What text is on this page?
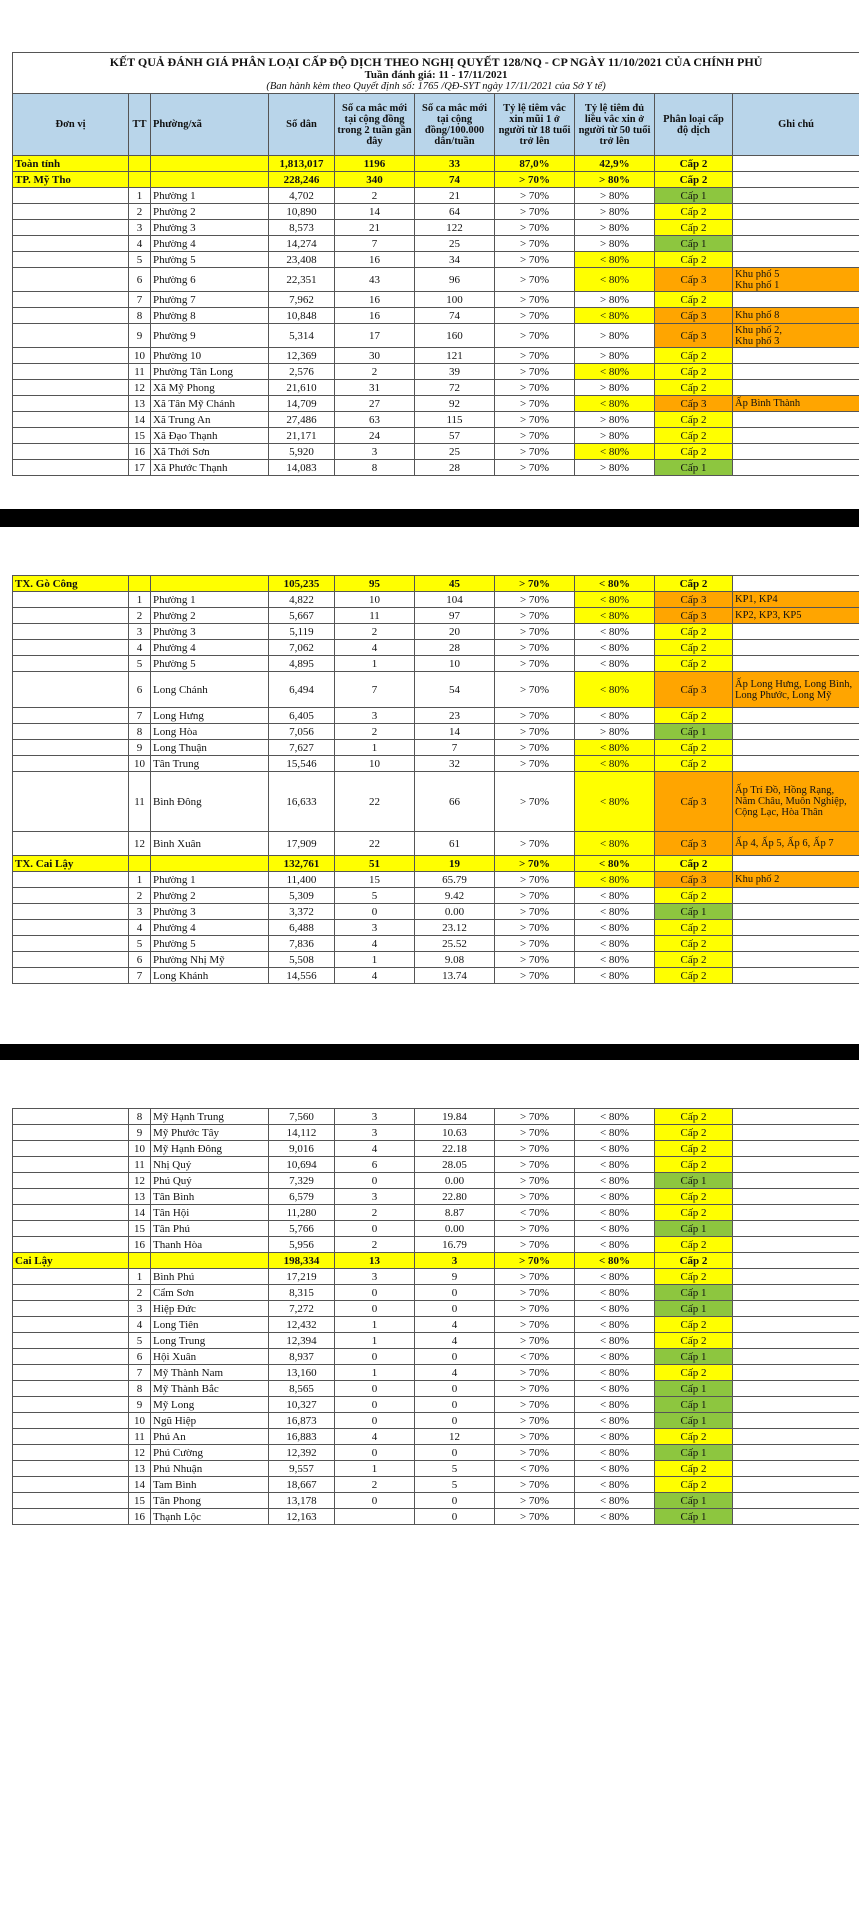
KẾT QUẢ ĐÁNH GIÁ PHÂN LOẠI CẤP ĐỘ DỊCH THEO NGHỊ QUYẾT 128/NQ - CP NGÀY 11/10/2021 CỦA CHÍNH PHỦ
Tuần đánh giá: 11 - 17/11/2021
(Ban hành kèm theo Quyết định số: 1765 /QĐ-SYT ngày 17/11/2021 của Sở Y tế)									

Đơn vị	TT	Phường/xã	Số dân	Số ca mắc mới tại cộng đồng trong 2 tuần gần đây	Số ca mắc mới tại cộng đồng/100.000 dân/tuần	Tỷ lệ tiêm vắc xin mũi 1 ở người từ 18 tuổi trở lên	Tỷ lệ tiêm đủ liều vắc xin ở người từ 50 tuổi trở lên	Phân loại cấp độ dịch	Ghi chú
Toàn tỉnh			1,813,017	1196	33	87,0%	42,9%	Cấp 2	
TP. Mỹ Tho			228,246	340	74	> 70%	> 80%	Cấp 2	
	1	Phường 1	4,702	2	21	> 70%	> 80%	Cấp 1	
	2	Phường 2	10,890	14	64	> 70%	> 80%	Cấp 2	
	3	Phường 3	8,573	21	122	> 70%	> 80%	Cấp 2	
	4	Phường 4	14,274	7	25	> 70%	> 80%	Cấp 1	
	5	Phường 5	23,408	16	34	> 70%	< 80%	Cấp 2	
	6	Phường 6	22,351	43	96	> 70%	< 80%	Cấp 3	Khu phố 5
Khu phố 1
	7	Phường 7	7,962	16	100	> 70%	> 80%	Cấp 2	
	8	Phường 8	10,848	16	74	> 70%	< 80%	Cấp 3	Khu phố 8
	9	Phường 9	5,314	17	160	> 70%	> 80%	Cấp 3	Khu phố 2,
Khu phố 3
	10	Phường 10	12,369	30	121	> 70%	> 80%	Cấp 2	
	11	Phường Tân Long	2,576	2	39	> 70%	< 80%	Cấp 2	
	12	Xã Mỹ Phong	21,610	31	72	> 70%	> 80%	Cấp 2	
	13	Xã Tân Mỹ Chánh	14,709	27	92	> 70%	< 80%	Cấp 3	Ấp Bình Thành
	14	Xã Trung An	27,486	63	115	> 70%	> 80%	Cấp 2	
	15	Xã Đạo Thạnh	21,171	24	57	> 70%	> 80%	Cấp 2	
	16	Xã Thới Sơn	5,920	3	25	> 70%	< 80%	Cấp 2	
	17	Xã Phước Thạnh	14,083	8	28	> 70%	> 80%	Cấp 1	
TX. Gò Công			105,235	95	45	> 70%	< 80%	Cấp 2	
	1	Phường 1	4,822	10	104	> 70%	< 80%	Cấp 3	KP1, KP4
	2	Phường 2	5,667	11	97	> 70%	< 80%	Cấp 3	KP2, KP3, KP5
	3	Phường 3	5,119	2	20	> 70%	< 80%	Cấp 2	
	4	Phường 4	7,062	4	28	> 70%	< 80%	Cấp 2	
	5	Phường 5	4,895	1	10	> 70%	< 80%	Cấp 2	
	6	Long Chánh	6,494	7	54	> 70%	< 80%	Cấp 3	Ấp Long Hưng, Long Bình, Long Phước, Long Mỹ
	7	Long Hưng	6,405	3	23	> 70%	< 80%	Cấp 2	
	8	Long Hòa	7,056	2	14	> 70%	> 80%	Cấp 1	
	9	Long Thuận	7,627	1	7	> 70%	< 80%	Cấp 2	
	10	Tân Trung	15,546	10	32	> 70%	< 80%	Cấp 2	
	11	Bình Đông	16,633	22	66	> 70%	< 80%	Cấp 3	Ấp Trí Đồ, Hồng Rạng, Năm Châu, Muôn Nghiệp, Cộng Lạc, Hòa Thân
	12	Bình Xuân	17,909	22	61	> 70%	< 80%	Cấp 3	Ấp 4, Ấp 5, Ấp 6, Ấp 7
TX. Cai Lậy			132,761	51	19	> 70%	< 80%	Cấp 2	
	1	Phường 1	11,400	15	65.79	> 70%	< 80%	Cấp 3	Khu phố 2
	2	Phường 2	5,309	5	9.42	> 70%	< 80%	Cấp 2	
	3	Phường 3	3,372	0	0.00	> 70%	< 80%	Cấp 1	
	4	Phường 4	6,488	3	23.12	> 70%	< 80%	Cấp 2	
	5	Phường 5	7,836	4	25.52	> 70%	< 80%	Cấp 2	
	6	Phường Nhị Mỹ	5,508	1	9.08	> 70%	< 80%	Cấp 2	
	7	Long Khánh	14,556	4	13.74	> 70%	< 80%	Cấp 2	
	8	Mỹ Hạnh Trung	7,560	3	19.84	> 70%	< 80%	Cấp 2	
	9	Mỹ Phước Tây	14,112	3	10.63	> 70%	< 80%	Cấp 2	
	10	Mỹ Hạnh Đông	9,016	4	22.18	> 70%	< 80%	Cấp 2	
	11	Nhị Quý	10,694	6	28.05	> 70%	< 80%	Cấp 2	
	12	Phú Quý	7,329	0	0.00	> 70%	< 80%	Cấp 1	
	13	Tân Bình	6,579	3	22.80	> 70%	< 80%	Cấp 2	
	14	Tân Hội	11,280	2	8.87	< 70%	< 80%	Cấp 2	
	15	Tân Phú	5,766	0	0.00	> 70%	< 80%	Cấp 1	
	16	Thanh Hòa	5,956	2	16.79	> 70%	< 80%	Cấp 2	
Cai Lậy			198,334	13	3	> 70%	< 80%	Cấp 2	
	1	Bình Phú	17,219	3	9	> 70%	< 80%	Cấp 2	
	2	Cẩm Sơn	8,315	0	0	> 70%	< 80%	Cấp 1	
	3	Hiệp Đức	7,272	0	0	> 70%	< 80%	Cấp 1	
	4	Long Tiên	12,432	1	4	> 70%	< 80%	Cấp 2	
	5	Long Trung	12,394	1	4	> 70%	< 80%	Cấp 2	
	6	Hội Xuân	8,937	0	0	< 70%	< 80%	Cấp 1	
	7	Mỹ Thành Nam	13,160	1	4	> 70%	< 80%	Cấp 2	
	8	Mỹ Thành Bắc	8,565	0	0	> 70%	< 80%	Cấp 1	
	9	Mỹ Long	10,327	0	0	> 70%	< 80%	Cấp 1	
	10	Ngũ Hiệp	16,873	0	0	> 70%	< 80%	Cấp 1	
	11	Phú An	16,883	4	12	> 70%	< 80%	Cấp 2	
	12	Phú Cường	12,392	0	0	> 70%	< 80%	Cấp 1	
	13	Phú Nhuận	9,557	1	5	< 70%	< 80%	Cấp 2	
	14	Tam Bình	18,667	2	5	> 70%	< 80%	Cấp 2	
	15	Tân Phong	13,178	0	0	> 70%	< 80%	Cấp 1	
	16	Thạnh Lộc	12,163		0	> 70%	< 80%	Cấp 1	
